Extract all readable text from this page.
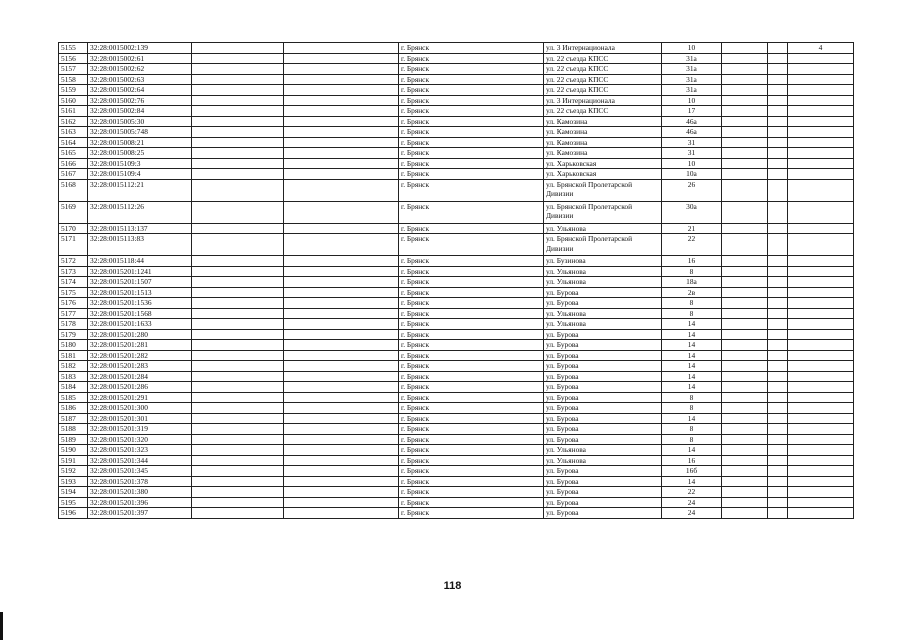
5155	32:28:0015002:139			г. Брянск	ул. 3 Интернационала	10			4
5156	32:28:0015002:61			г. Брянск	ул. 22 съезда КПСС	31а			
5157	32:28:0015002:62			г. Брянск	ул. 22 съезда КПСС	31а			
5158	32:28:0015002:63			г. Брянск	ул. 22 съезда КПСС	31а			
5159	32:28:0015002:64			г. Брянск	ул. 22 съезда КПСС	31а			
5160	32:28:0015002:76			г. Брянск	ул. 3 Интернационала	10			
5161	32:28:0015002:84			г. Брянск	ул. 22 съезда КПСС	17			
5162	32:28:0015005:30			г. Брянск	ул. Камозина	46а			
5163	32:28:0015005:748			г. Брянск	ул. Камозина	46а			
5164	32:28:0015008:21			г. Брянск	ул. Камозина	31			
5165	32:28:0015008:25			г. Брянск	ул. Камозина	31			
5166	32:28:0015109:3			г. Брянск	ул. Харьковская	10			
5167	32:28:0015109:4			г. Брянск	ул. Харьковская	10а			
5168	32:28:0015112:21			г. Брянск	ул. Брянской Пролетарской Дивизии	26			
5169	32:28:0015112:26			г. Брянск	ул. Брянской Пролетарской Дивизии	30а			
5170	32:28:0015113:137			г. Брянск	ул. Ульянова	21			
5171	32:28:0015113:83			г. Брянск	ул. Брянской Пролетарской Дивизии	22			
5172	32:28:0015118:44			г. Брянск	ул. Бузинова	16			
5173	32:28:0015201:1241			г. Брянск	ул. Ульянова	8			
5174	32:28:0015201:1507			г. Брянск	ул. Ульянова	18а			
5175	32:28:0015201:1513			г. Брянск	ул. Бурова	2в			
5176	32:28:0015201:1536			г. Брянск	ул. Бурова	8			
5177	32:28:0015201:1568			г. Брянск	ул. Ульянова	8			
5178	32:28:0015201:1633			г. Брянск	ул. Ульянова	14			
5179	32:28:0015201:280			г. Брянск	ул. Бурова	14			
5180	32:28:0015201:281			г. Брянск	ул. Бурова	14			
5181	32:28:0015201:282			г. Брянск	ул. Бурова	14			
5182	32:28:0015201:283			г. Брянск	ул. Бурова	14			
5183	32:28:0015201:284			г. Брянск	ул. Бурова	14			
5184	32:28:0015201:286			г. Брянск	ул. Бурова	14			
5185	32:28:0015201:291			г. Брянск	ул. Бурова	8			
5186	32:28:0015201:300			г. Брянск	ул. Бурова	8			
5187	32:28:0015201:301			г. Брянск	ул. Бурова	14			
5188	32:28:0015201:319			г. Брянск	ул. Бурова	8			
5189	32:28:0015201:320			г. Брянск	ул. Бурова	8			
5190	32:28:0015201:323			г. Брянск	ул. Ульянова	14			
5191	32:28:0015201:344			г. Брянск	ул. Ульянова	16			
5192	32:28:0015201:345			г. Брянск	ул. Бурова	16б			
5193	32:28:0015201:378			г. Брянск	ул. Бурова	14			
5194	32:28:0015201:380			г. Брянск	ул. Бурова	22			
5195	32:28:0015201:396			г. Брянск	ул. Бурова	24			
5196	32:28:0015201:397			г. Брянск	ул. Бурова	24			
118
